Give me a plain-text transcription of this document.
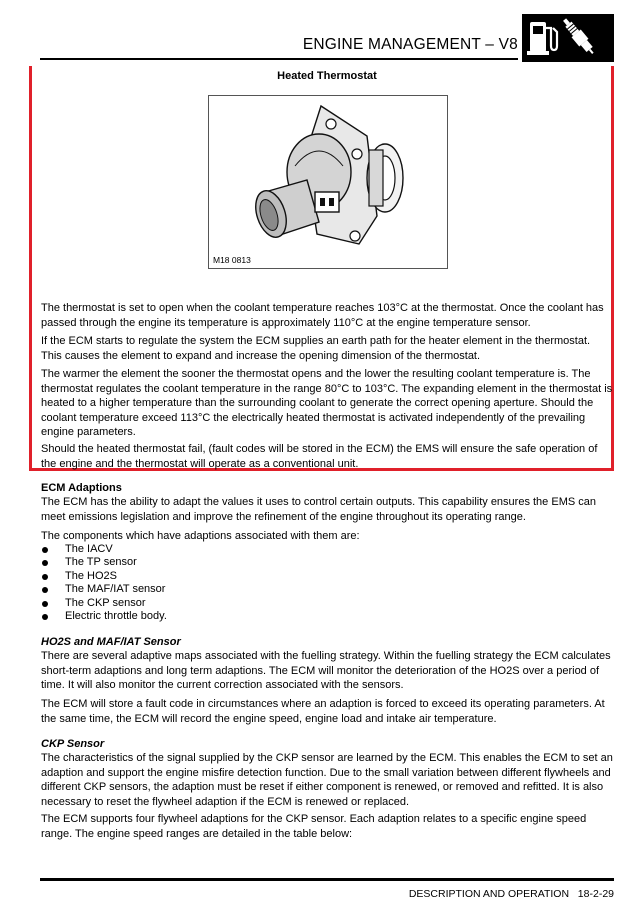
ENGINE MANAGEMENT – V8
Heated Thermostat
M18 0813

The thermostat is set to open when the coolant temperature reaches 103°C at the thermostat. Once the coolant has passed through the engine its temperature is approximately 110°C at the engine temperature sensor.

If the ECM starts to regulate the system the ECM supplies an earth path for the heater element in the thermostat. This causes the element to expand and increase the opening dimension of the thermostat.

The warmer the element the sooner the thermostat opens and the lower the resulting coolant temperature is. The thermostat regulates the coolant temperature in the range 80°C to 103°C. The expanding element in the thermostat is heated to a higher temperature than the surrounding coolant to generate the correct opening aperture. Should the coolant temperature exceed 113°C the electrically heated thermostat is activated independently of the prevailing engine parameters.

Should the heated thermostat fail, (fault codes will be stored in the ECM) the EMS will ensure the safe operation of the engine and the thermostat will operate as a conventional unit.

ECM Adaptions

The ECM has the ability to adapt the values it uses to control certain outputs. This capability ensures the EMS can meet emissions legislation and improve the refinement of the engine throughout its operating range.

The components which have adaptions associated with them are:

The IACV
The TP sensor
The HO2S
The MAF/IAT sensor
The CKP sensor
Electric throttle body.

HO2S and MAF/IAT Sensor

There are several adaptive maps associated with the fuelling strategy. Within the fuelling strategy the ECM calculates short-term adaptions and long term adaptions. The ECM will monitor the deterioration of the HO2S over a period of time. It will also monitor the current correction associated with the sensors.

The ECM will store a fault code in circumstances where an adaption is forced to exceed its operating parameters. At the same time, the ECM will record the engine speed, engine load and intake air temperature.

CKP Sensor

The characteristics of the signal supplied by the CKP sensor are learned by the ECM. This enables the ECM to set an adaption and support the engine misfire detection function. Due to the small variation between different flywheels and different CKP sensors, the adaption must be reset if either component is renewed, or removed and refitted. It is also necessary to reset the flywheel adaption if the ECM is renewed or replaced.

The ECM supports four flywheel adaptions for the CKP sensor. Each adaption relates to a specific engine speed range. The engine speed ranges are detailed in the table below:

DESCRIPTION AND OPERATION   18-2-29
